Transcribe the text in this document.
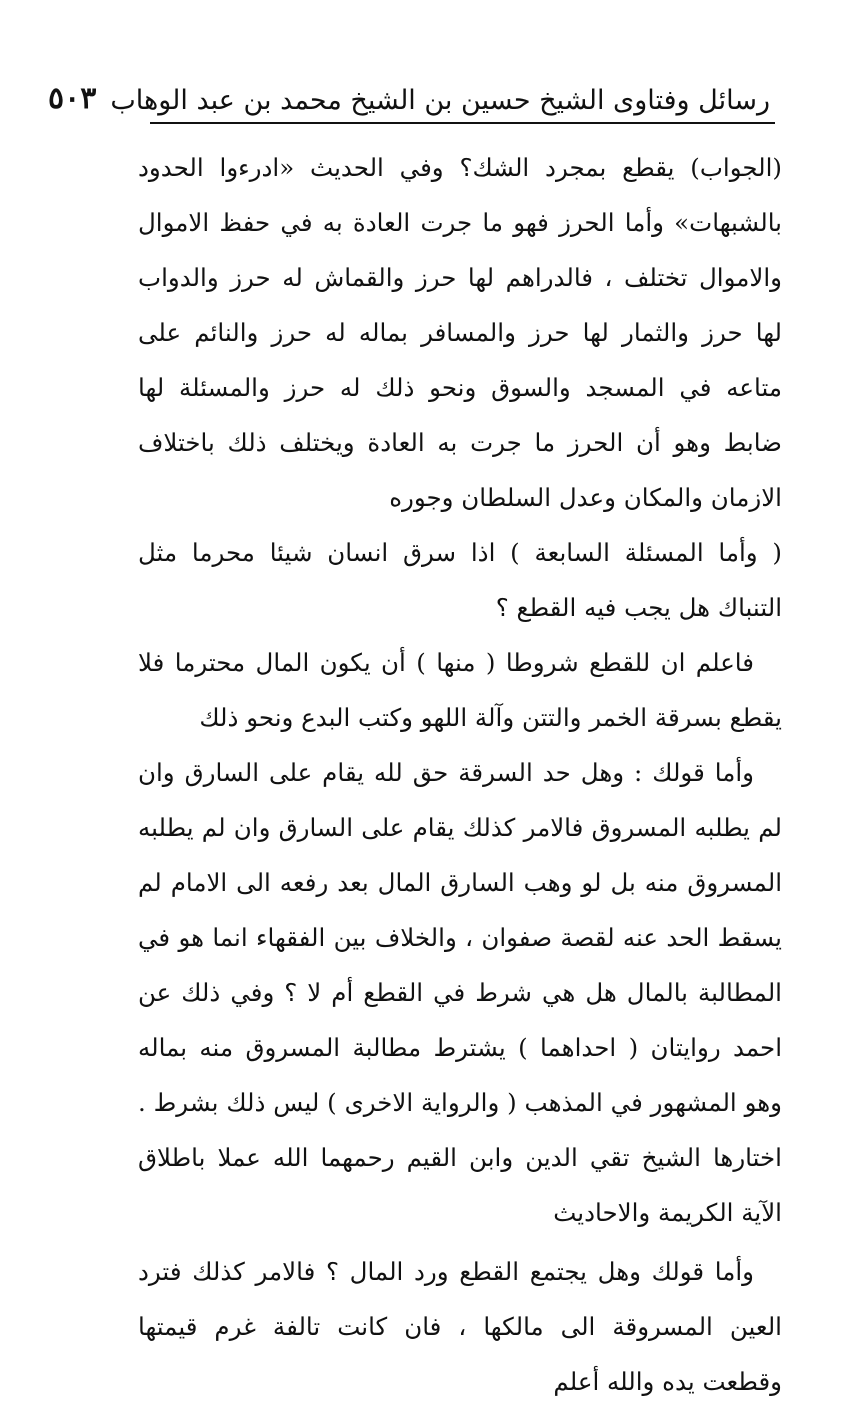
رسائل وفتاوى الشيخ حسين بن الشيخ محمد بن عبد الوهاب
٥٠٣

(الجواب) يقطع بمجرد الشك؟ وفي الحديث «ادرءوا الحدود بالشبهات» وأما الحرز فهو ما جرت العادة به في حفظ الاموال والاموال تختلف ، فالدراهم لها حرز والقماش له حرز والدواب لها حرز والثمار لها حرز والمسافر بماله له حرز والنائم على متاعه في المسجد والسوق ونحو ذلك له حرز والمسئلة لها ضابط وهو أن الحرز ما جرت به العادة ويختلف ذلك باختلاف الازمان والمكان وعدل السلطان وجوره

( وأما المسئلة السابعة ) اذا سرق انسان شيئا محرما مثل التنباك هل يجب فيه القطع ؟

فاعلم ان للقطع شروطا ( منها ) أن يكون المال محترما فلا يقطع بسرقة الخمر والتتن وآلة اللهو وكتب البدع ونحو ذلك

وأما قولك : وهل حد السرقة حق لله يقام على السارق وان لم يطلبه المسروق فالامر كذلك يقام على السارق وان لم يطلبه المسروق منه بل لو وهب السارق المال بعد رفعه الى الامام لم يسقط الحد عنه لقصة صفوان ، والخلاف بين الفقهاء انما هو في المطالبة بالمال هل هي شرط في القطع أم لا ؟ وفي ذلك عن احمد روايتان ( احداهما ) يشترط مطالبة المسروق منه بماله وهو المشهور في المذهب ( والرواية الاخرى ) ليس ذلك بشرط . اختارها الشيخ تقي الدين وابن القيم رحمهما الله عملا باطلاق الآية الكريمة والاحاديث

وأما قولك وهل يجتمع القطع ورد المال ؟ فالامر كذلك فترد العين المسروقة الى مالكها ، فان كانت تالفة غرم قيمتها وقطعت يده والله أعلم
